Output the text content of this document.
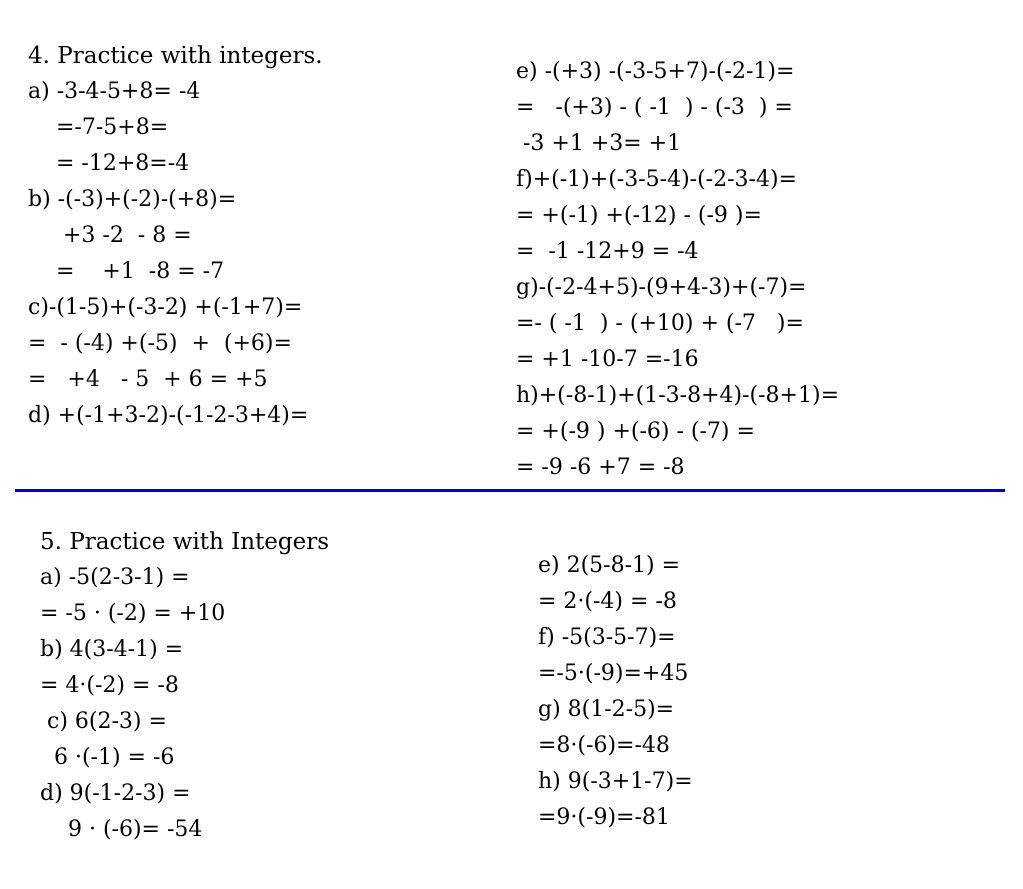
4. Practice with integers.
a) -3-4-5+8= -4
=-7-5+8=
= -12+8=-4
b) -(-3)+(-2)-(+8)=
+3 -2  - 8 =
=    +1  -8 = -7
c)-(1-5)+(-3-2) +(-1+7)=
=  - (-4) +(-5)  +  (+6)=
=   +4   - 5  + 6 = +5
d) +(-1+3-2)-(-1-2-3+4)=
e) -(+3) -(-3-5+7)-(-2-1)=
=   -(+3) - ( -1  ) - (-3  ) =
-3 +1 +3= +1
f)+(-1)+(-3-5-4)-(-2-3-4)=
= +(-1) +(-12) - (-9 )=
=  -1 -12+9 = -4
g)-(-2-4+5)-(9+4-3)+(-7)=
=- ( -1  ) - (+10) + (-7   )=
= +1 -10-7 =-16
h)+(-8-1)+(1-3-8+4)-(-8+1)=
= +(-9 ) +(-6) - (-7) =
= -9 -6 +7 = -8
5. Practice with Integers
a) -5(2-3-1) =
= -5 · (-2) = +10
b) 4(3-4-1) =
= 4·(-2) = -8
c) 6(2-3) =
6 ·(-1) = -6
d) 9(-1-2-3) =
9 · (-6)= -54
e) 2(5-8-1) =
= 2·(-4) = -8
f) -5(3-5-7)=
=-5·(-9)=+45
g) 8(1-2-5)=
=8·(-6)=-48
h) 9(-3+1-7)=
=9·(-9)=-81
